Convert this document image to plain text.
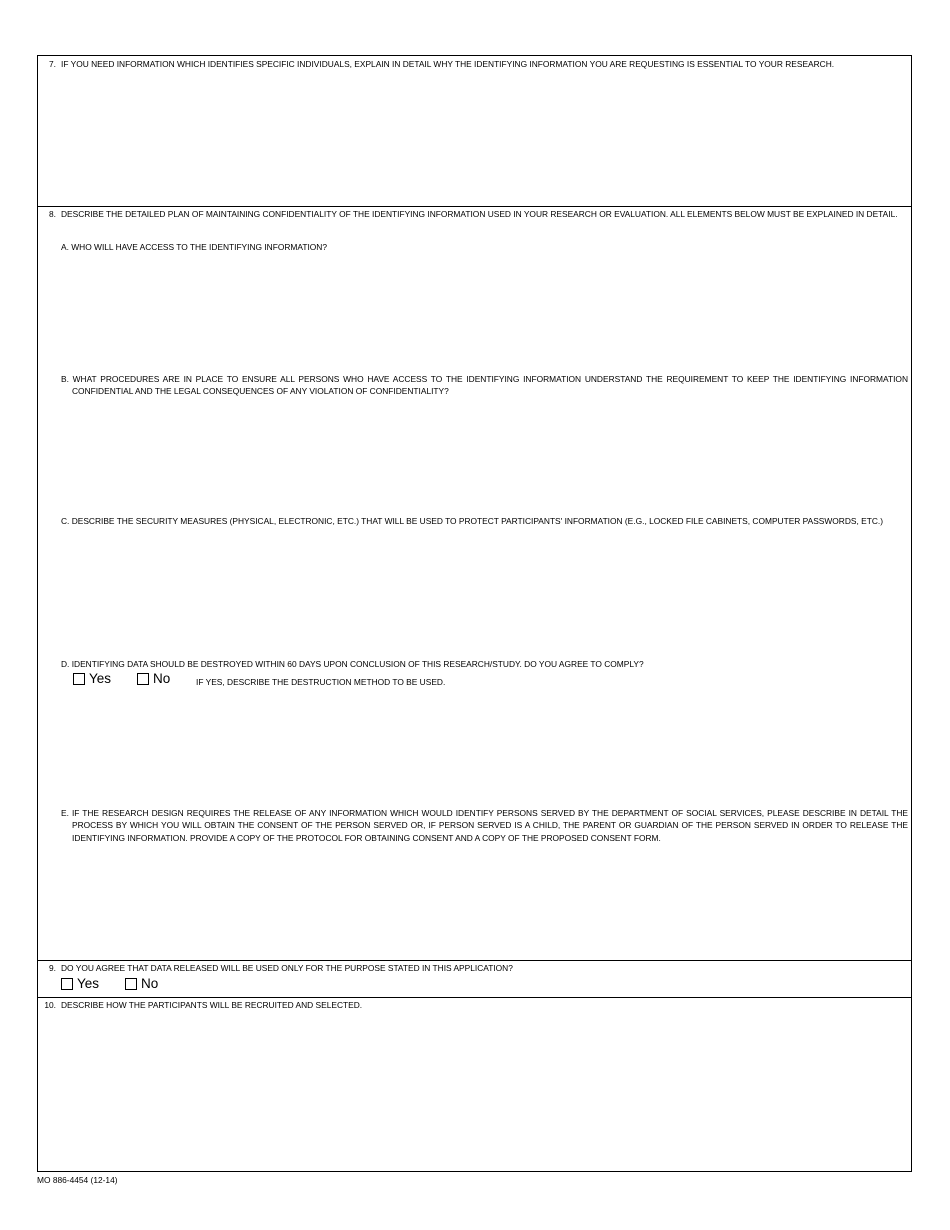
7. IF YOU NEED INFORMATION WHICH IDENTIFIES SPECIFIC INDIVIDUALS, EXPLAIN IN DETAIL WHY THE IDENTIFYING INFORMATION YOU ARE REQUESTING IS ESSENTIAL TO YOUR RESEARCH.
8. DESCRIBE THE DETAILED PLAN OF MAINTAINING CONFIDENTIALITY OF THE IDENTIFYING INFORMATION USED IN YOUR RESEARCH OR EVALUATION. ALL ELEMENTS BELOW MUST BE EXPLAINED IN DETAIL.
A. WHO WILL HAVE ACCESS TO THE IDENTIFYING INFORMATION?
B. WHAT PROCEDURES ARE IN PLACE TO ENSURE ALL PERSONS WHO HAVE ACCESS TO THE IDENTIFYING INFORMATION UNDERSTAND THE REQUIREMENT TO KEEP THE IDENTIFYING INFORMATION CONFIDENTIAL AND THE LEGAL CONSEQUENCES OF ANY VIOLATION OF CONFIDENTIALITY?
C. DESCRIBE THE SECURITY MEASURES (PHYSICAL, ELECTRONIC, ETC.) THAT WILL BE USED TO PROTECT PARTICIPANTS' INFORMATION (E.G., LOCKED FILE CABINETS, COMPUTER PASSWORDS, ETC.)
D. IDENTIFYING DATA SHOULD BE DESTROYED WITHIN 60 DAYS UPON CONCLUSION OF THIS RESEARCH/STUDY. DO YOU AGREE TO COMPLY?
Yes	No	IF YES, DESCRIBE THE DESTRUCTION METHOD TO BE USED.
E. IF THE RESEARCH DESIGN REQUIRES THE RELEASE OF ANY INFORMATION WHICH WOULD IDENTIFY PERSONS SERVED BY THE DEPARTMENT OF SOCIAL SERVICES, PLEASE DESCRIBE IN DETAIL THE PROCESS BY WHICH YOU WILL OBTAIN THE CONSENT OF THE PERSON SERVED OR, IF PERSON SERVED IS A CHILD, THE PARENT OR GUARDIAN OF THE PERSON SERVED IN ORDER TO RELEASE THE IDENTIFYING INFORMATION. PROVIDE A COPY OF THE PROTOCOL FOR OBTAINING CONSENT AND A COPY OF THE PROPOSED CONSENT FORM.
9. DO YOU AGREE THAT DATA RELEASED WILL BE USED ONLY FOR THE PURPOSE STATED IN THIS APPLICATION?
Yes	No
10. DESCRIBE HOW THE PARTICIPANTS WILL BE RECRUITED AND SELECTED.
MO 886-4454 (12-14)
